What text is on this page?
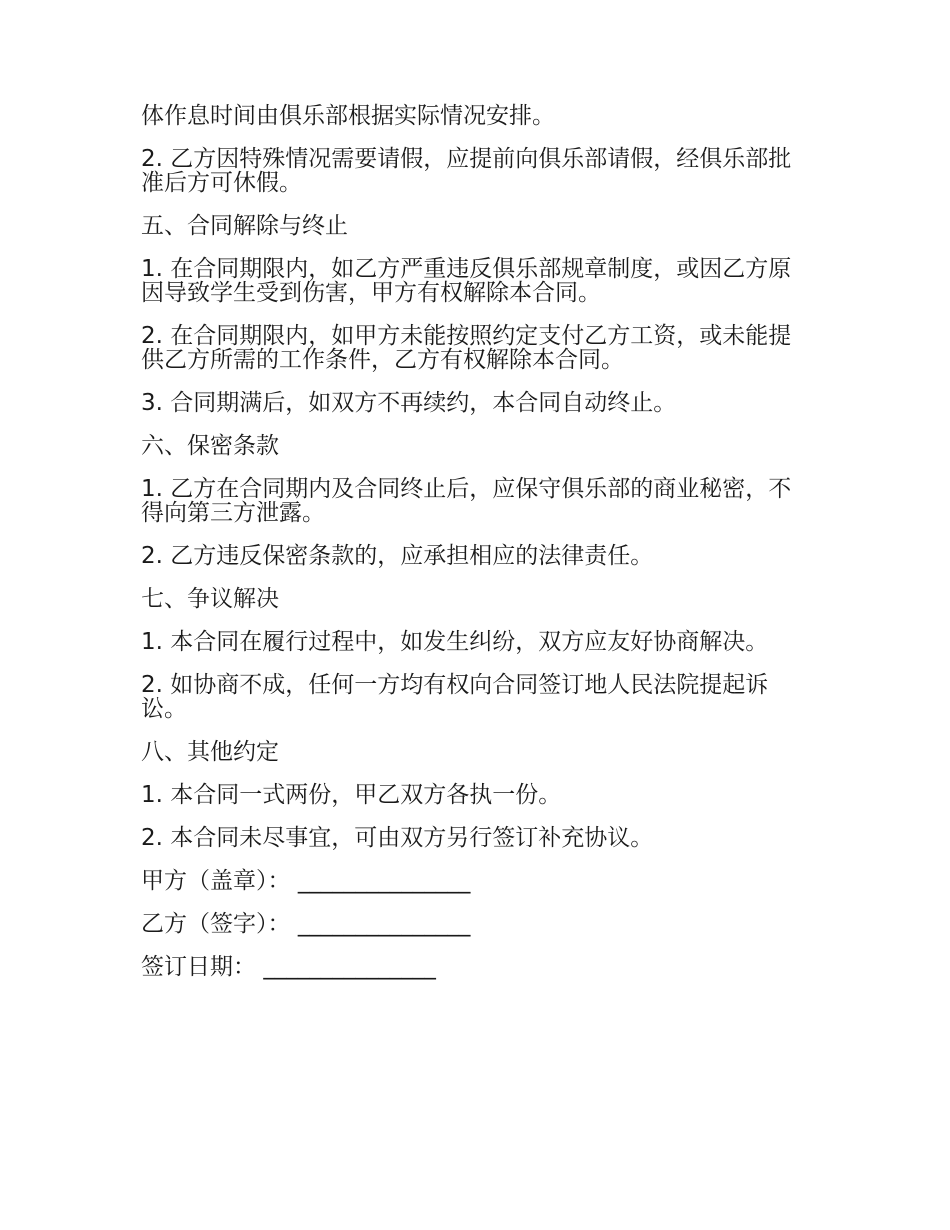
体作息时间由俱乐部根据实际情况安排。

2. 乙方因特殊情况需要请假，应提前向俱乐部请假，经俱乐部批准后方可休假。

五、合同解除与终止

1. 在合同期限内，如乙方严重违反俱乐部规章制度，或因乙方原因导致学生受到伤害，甲方有权解除本合同。

2. 在合同期限内，如甲方未能按照约定支付乙方工资，或未能提供乙方所需的工作条件，乙方有权解除本合同。

3. 合同期满后，如双方不再续约，本合同自动终止。

六、保密条款

1. 乙方在合同期内及合同终止后，应保守俱乐部的商业秘密，不得向第三方泄露。

2. 乙方违反保密条款的，应承担相应的法律责任。

七、争议解决

1. 本合同在履行过程中，如发生纠纷，双方应友好协商解决。

2. 如协商不成，任何一方均有权向合同签订地人民法院提起诉讼。

八、其他约定

1. 本合同一式两份，甲乙双方各执一份。

2. 本合同未尽事宜，可由双方另行签订补充协议。

甲方（盖章）： _______________
乙方（签字）： _______________
签订日期： _______________
